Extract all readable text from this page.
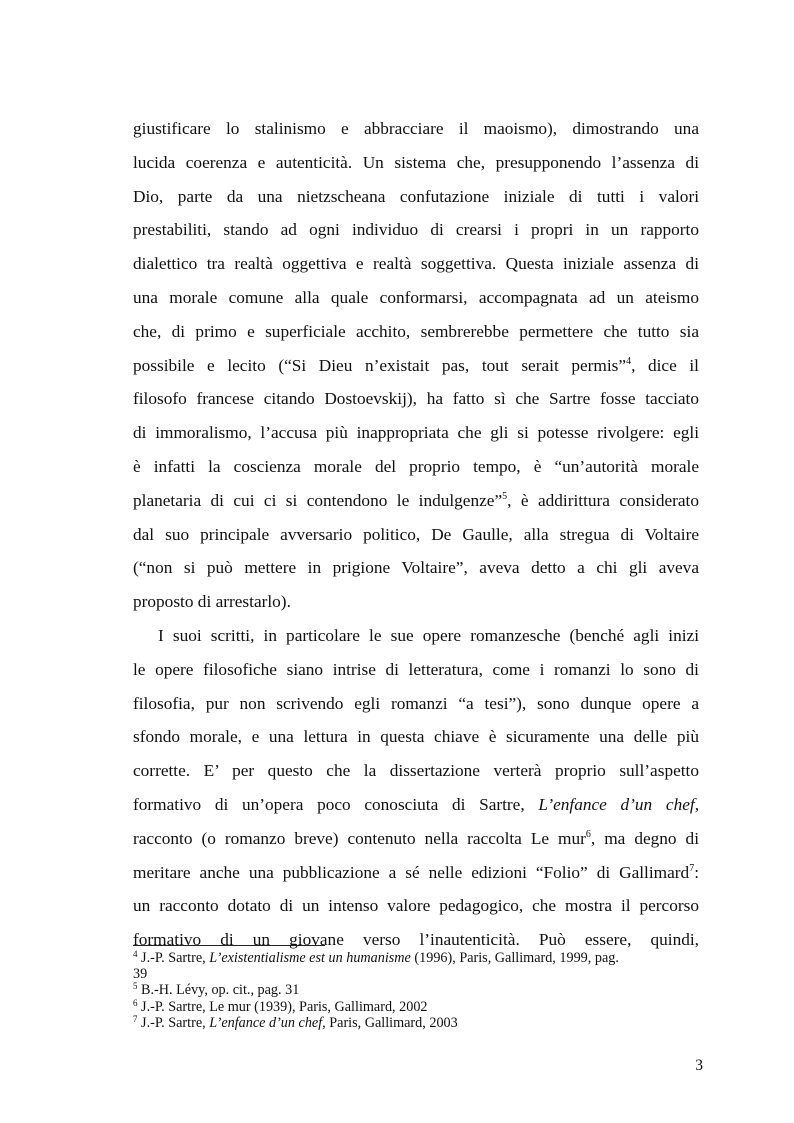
giustificare lo stalinismo e abbracciare il maoismo), dimostrando una
lucida coerenza e autenticità. Un sistema che, presupponendo l’assenza di
Dio, parte da una nietzscheana confutazione iniziale di tutti i valori
prestabiliti, stando ad ogni individuo di crearsi i propri in un rapporto
dialettico tra realtà oggettiva e realtà soggettiva. Questa iniziale assenza di
una morale comune alla quale conformarsi, accompagnata ad un ateismo
che, di primo e superficiale acchito, sembrerebbe permettere che tutto sia
possibile e lecito (“Si Dieu n’existait pas, tout serait permis”$^4$, dice il
filosofo francese citando Dostoevskij), ha fatto sì che Sartre fosse tacciato
di immoralismo, l’accusa più inappropriata che gli si potesse rivolgere: egli
è infatti la coscienza morale del proprio tempo, è “un’autorità morale
planetaria di cui ci si contendono le indulgenze”$^5$, è addirittura considerato
dal suo principale avversario politico, De Gaulle, alla stregua di Voltaire
(“non si può mettere in prigione Voltaire”, aveva detto a chi gli aveva
proposto di arrestarlo).
I suoi scritti, in particolare le sue opere romanzesche (benché agli inizi
le opere filosofiche siano intrise di letteratura, come i romanzi lo sono di
filosofia, pur non scrivendo egli romanzi “a tesi”), sono dunque opere a
sfondo morale, e una lettura in questa chiave è sicuramente una delle più
corrette. E’ per questo che la dissertazione verterà proprio sull’aspetto
formativo di un’opera poco conosciuta di Sartre, L’enfance d’un chef,
racconto (o romanzo breve) contenuto nella raccolta Le mur$^6$, ma degno di
meritare anche una pubblicazione a sé nelle edizioni “Folio” di Gallimard$^7$:
un racconto dotato di un intenso valore pedagogico, che mostra il percorso
formativo di un giovane verso l’inautenticità. Può essere, quindi,
$^4$ J.-P. Sartre, L’existentialisme est un humanisme (1996), Paris, Gallimard, 1999, pag.
39
$^5$ B.-H. Lévy, op. cit., pag. 31
$^6$ J.-P. Sartre, Le mur (1939), Paris, Gallimard, 2002
$^7$ J.-P. Sartre, L’enfance d’un chef, Paris, Gallimard, 2003
3
